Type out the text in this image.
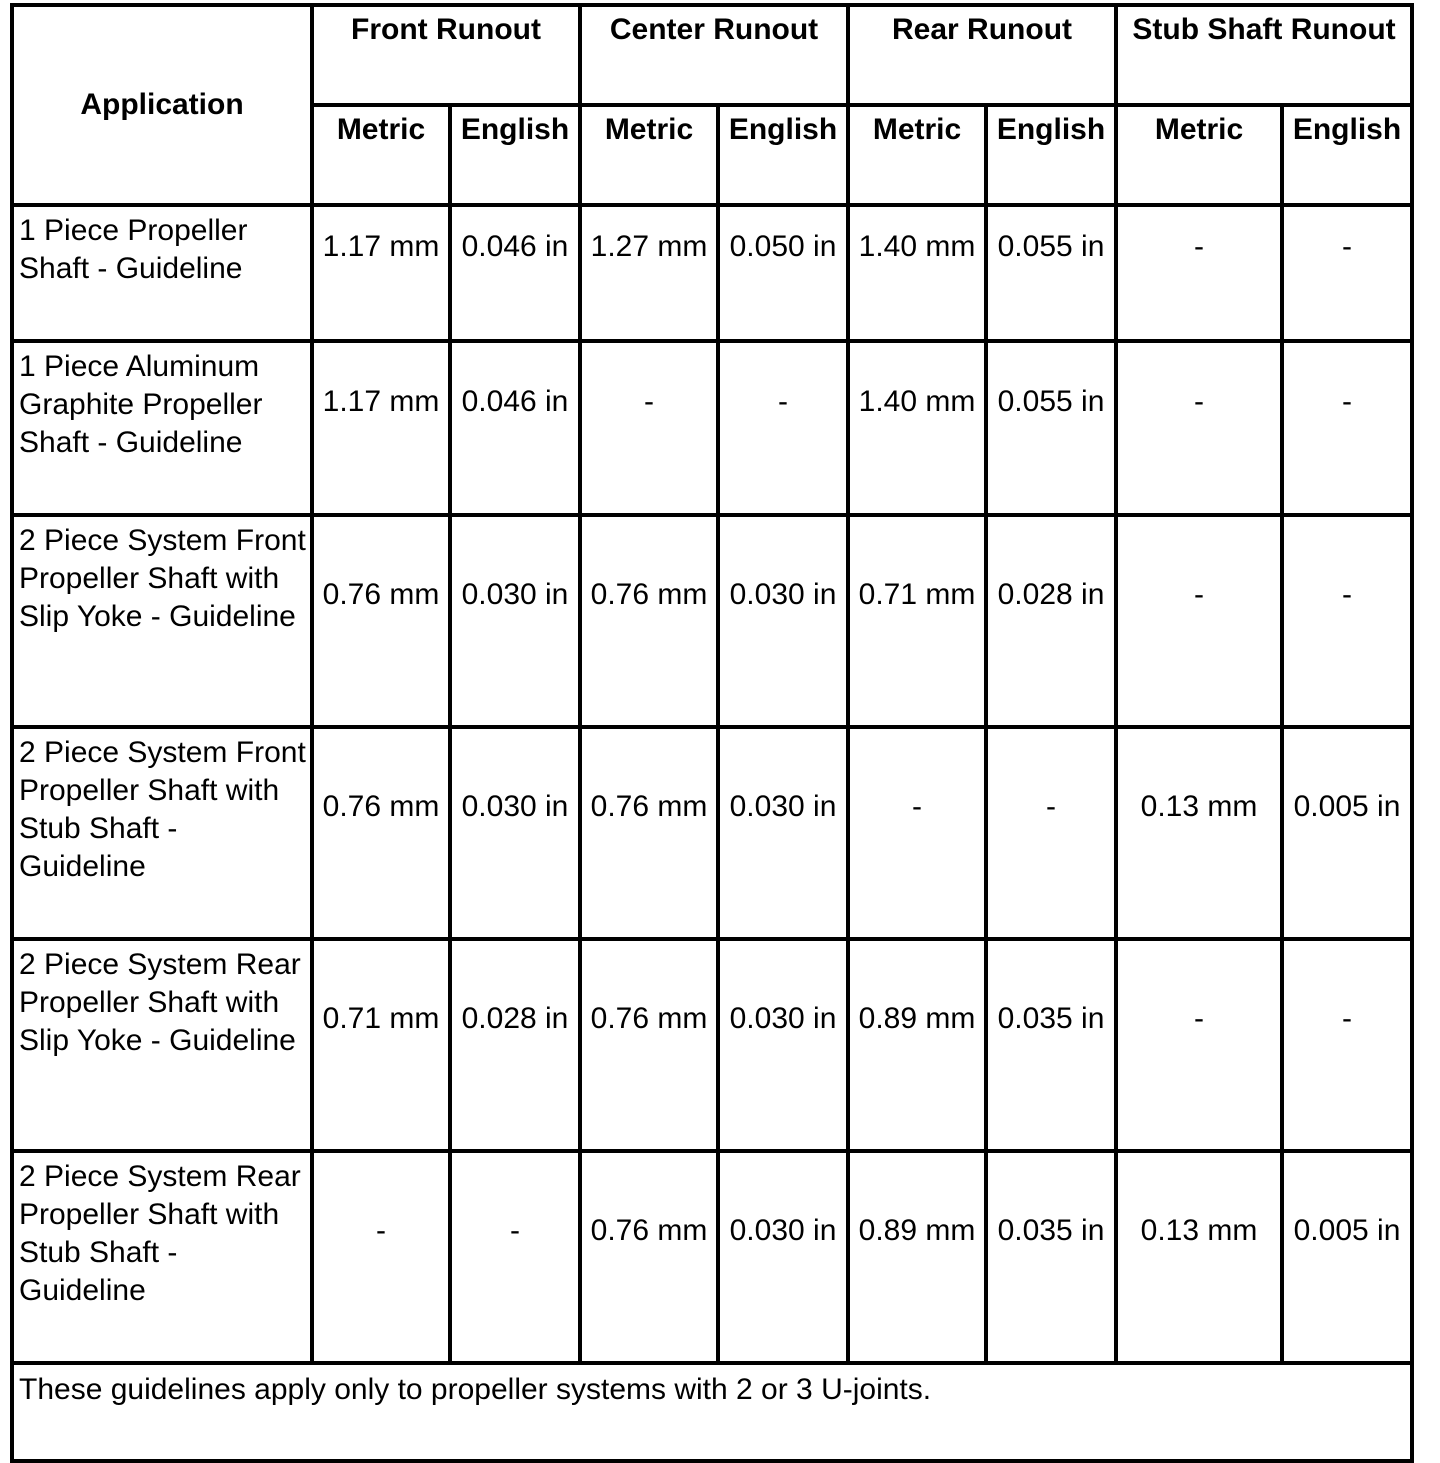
Application	Front Runout		Center Runout		Rear Runout		Stub Shaft Runout	
	Metric	English	Metric	English	Metric	English	Metric	English
1 Piece Propeller Shaft - Guideline	1.17 mm	0.046 in	1.27 mm	0.050 in	1.40 mm	0.055 in	-	-
1 Piece Aluminum Graphite Propeller Shaft - Guideline	1.17 mm	0.046 in	-	-	1.40 mm	0.055 in	-	-
2 Piece System Front Propeller Shaft with Slip Yoke - Guideline	0.76 mm	0.030 in	0.76 mm	0.030 in	0.71 mm	0.028 in	-	-
2 Piece System Front Propeller Shaft with Stub Shaft - Guideline	0.76 mm	0.030 in	0.76 mm	0.030 in	-	-	0.13 mm	0.005 in
2 Piece System Rear Propeller Shaft with Slip Yoke - Guideline	0.71 mm	0.028 in	0.76 mm	0.030 in	0.89 mm	0.035 in	-	-
2 Piece System Rear Propeller Shaft with Stub Shaft - Guideline	-	-	0.76 mm	0.030 in	0.89 mm	0.035 in	0.13 mm	0.005 in
These guidelines apply only to propeller systems with 2 or 3 U-joints.								
